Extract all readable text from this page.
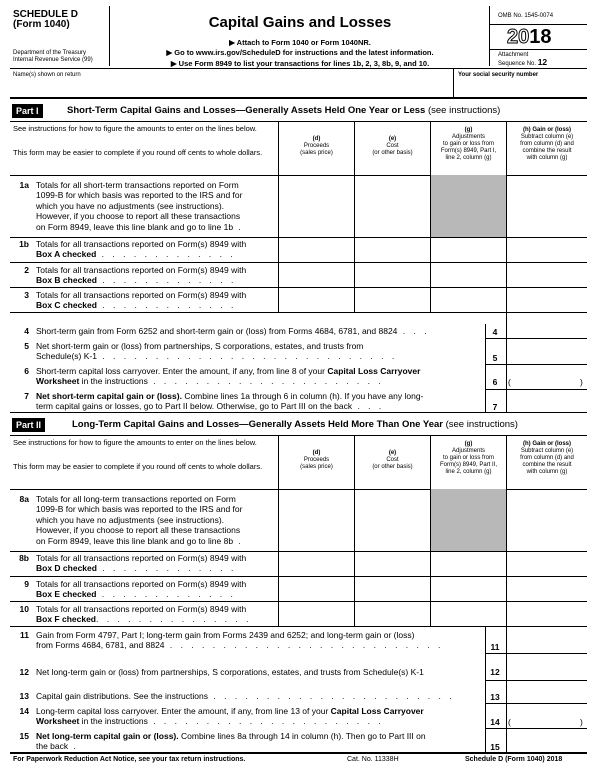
SCHEDULE D
(Form 1040)
Department of the Treasury
Internal Revenue Service (99)
Capital Gains and Losses
▶ Attach to Form 1040 or Form 1040NR.
▶ Go to www.irs.gov/ScheduleD for instructions and the latest information.
▶ Use Form 8949 to list your transactions for lines 1b, 2, 3, 8b, 9, and 10.
OMB No. 1545-0074
2018
Attachment
Sequence No. 12
Name(s) shown on return	Your social security number
Part I	Short-Term Capital Gains and Losses—Generally Assets Held One Year or Less (see instructions)
See instructions for how to figure the amounts to enter on the lines below.
This form may be easier to complete if you round off cents to whole dollars.
(d)
Proceeds
(sales price)
(e)
Cost
(or other basis)
(g)
Adjustments
to gain or loss from
Form(s) 8949, Part I,
line 2, column (g)
(h) Gain or (loss)
Subtract column (e)
from column (d) and
combine the result
with column (g)
1a Totals for all short-term transactions reported on Form
1099-B for which basis was reported to the IRS and for
which you have no adjustments (see instructions).
However, if you choose to report all these transactions
on Form 8949, leave this line blank and go to line 1b .
1b Totals for all transactions reported on Form(s) 8949 with
Box A checked . . . . . . . . . . . . .
2 Totals for all transactions reported on Form(s) 8949 with
Box B checked . . . . . . . . . . . . .
3 Totals for all transactions reported on Form(s) 8949 with
Box C checked . . . . . . . . . . . . .
4 Short-term gain from Form 6252 and short-term gain or (loss) from Forms 4684, 6781, and 8824 . . .	4
5 Net short-term gain or (loss) from partnerships, S corporations, estates, and trusts from
Schedule(s) K-1 . . . . . . . . . . . . . . . . . . . . . . . . . . . .	5
6 Short-term capital loss carryover. Enter the amount, if any, from line 8 of your Capital Loss Carryover
Worksheet in the instructions . . . . . . . . . . . . . . . . . . . . . .	6	(	)
7 Net short-term capital gain or (loss). Combine lines 1a through 6 in column (h). If you have any long-
term capital gains or losses, go to Part II below. Otherwise, go to Part III on the back . . .	7
Part II	Long-Term Capital Gains and Losses—Generally Assets Held More Than One Year (see instructions)
See instructions for how to figure the amounts to enter on the lines below.
This form may be easier to complete if you round off cents to whole dollars.
(d)
Proceeds
(sales price)
(e)
Cost
(or other basis)
(g)
Adjustments
to gain or loss from
Form(s) 8949, Part II,
line 2, column (g)
(h) Gain or (loss)
Subtract column (e)
from column (d) and
combine the result
with column (g)
8a Totals for all long-term transactions reported on Form
1099-B for which basis was reported to the IRS and for
which you have no adjustments (see instructions).
However, if you choose to report all these transactions
on Form 8949, leave this line blank and go to line 8b .
8b Totals for all transactions reported on Form(s) 8949 with
Box D checked . . . . . . . . . . . . .
9 Totals for all transactions reported on Form(s) 8949 with
Box E checked . . . . . . . . . . . . .
10 Totals for all transactions reported on Form(s) 8949 with
Box F checked. . . . . . . . . . . . . . .
11 Gain from Form 4797, Part I; long-term gain from Forms 2439 and 6252; and long-term gain or (loss)
from Forms 4684, 6781, and 8824 . . . . . . . . . . . . . . . . . . . . . . . . . .	11
12 Net long-term gain or (loss) from partnerships, S corporations, estates, and trusts from Schedule(s) K-1	12
13 Capital gain distributions. See the instructions . . . . . . . . . . . . . . . . . . . . . . .	13
14 Long-term capital loss carryover. Enter the amount, if any, from line 13 of your Capital Loss Carryover
Worksheet in the instructions . . . . . . . . . . . . . . . . . . . . . .	14 (	)
15 Net long-term capital gain or (loss). Combine lines 8a through 14 in column (h). Then go to Part III on
the back .	15
For Paperwork Reduction Act Notice, see your tax return instructions.	Cat. No. 11338H	Schedule D (Form 1040) 2018
